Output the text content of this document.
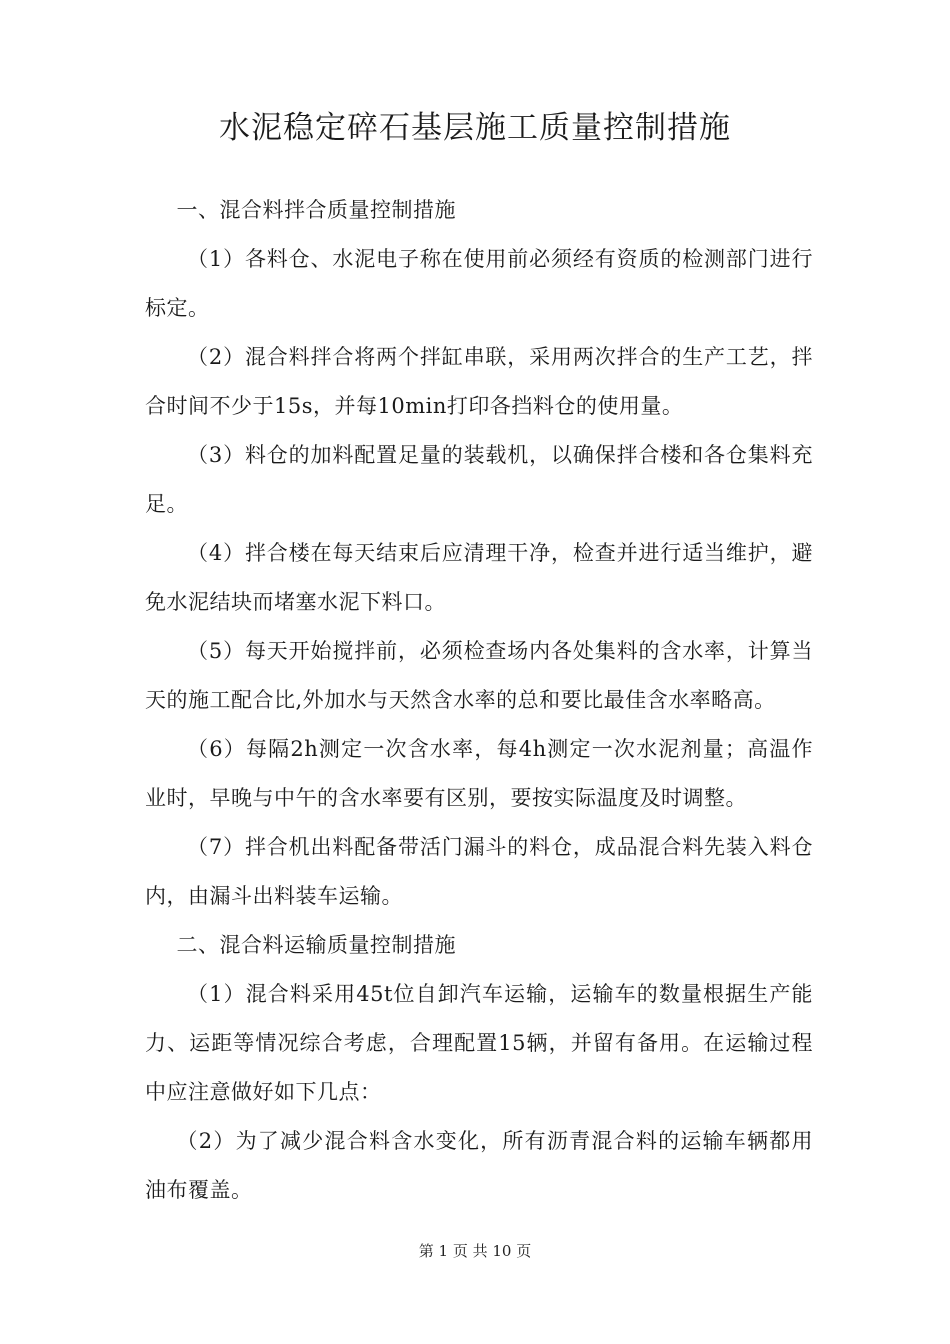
水泥稳定碎石基层施工质量控制措施

一、混合料拌合质量控制措施

（1）各料仓、水泥电子称在使用前必须经有资质的检测部门进行标定。

（2）混合料拌合将两个拌缸串联，采用两次拌合的生产工艺，拌合时间不少于15s，并每10min打印各挡料仓的使用量。

（3）料仓的加料配置足量的装载机，以确保拌合楼和各仓集料充足。

（4）拌合楼在每天结束后应清理干净，检查并进行适当维护，避免水泥结块而堵塞水泥下料口。

（5）每天开始搅拌前，必须检查场内各处集料的含水率，计算当天的施工配合比,外加水与天然含水率的总和要比最佳含水率略高。

（6）每隔2h测定一次含水率，每4h测定一次水泥剂量；高温作业时，早晚与中午的含水率要有区别，要按实际温度及时调整。

（7）拌合机出料配备带活门漏斗的料仓，成品混合料先装入料仓内，由漏斗出料装车运输。

二、混合料运输质量控制措施

（1）混合料采用45t位自卸汽车运输，运输车的数量根据生产能力、运距等情况综合考虑，合理配置15辆，并留有备用。在运输过程中应注意做好如下几点：

（2）为了减少混合料含水变化，所有沥青混合料的运输车辆都用油布覆盖。

第 1 页 共 10 页
